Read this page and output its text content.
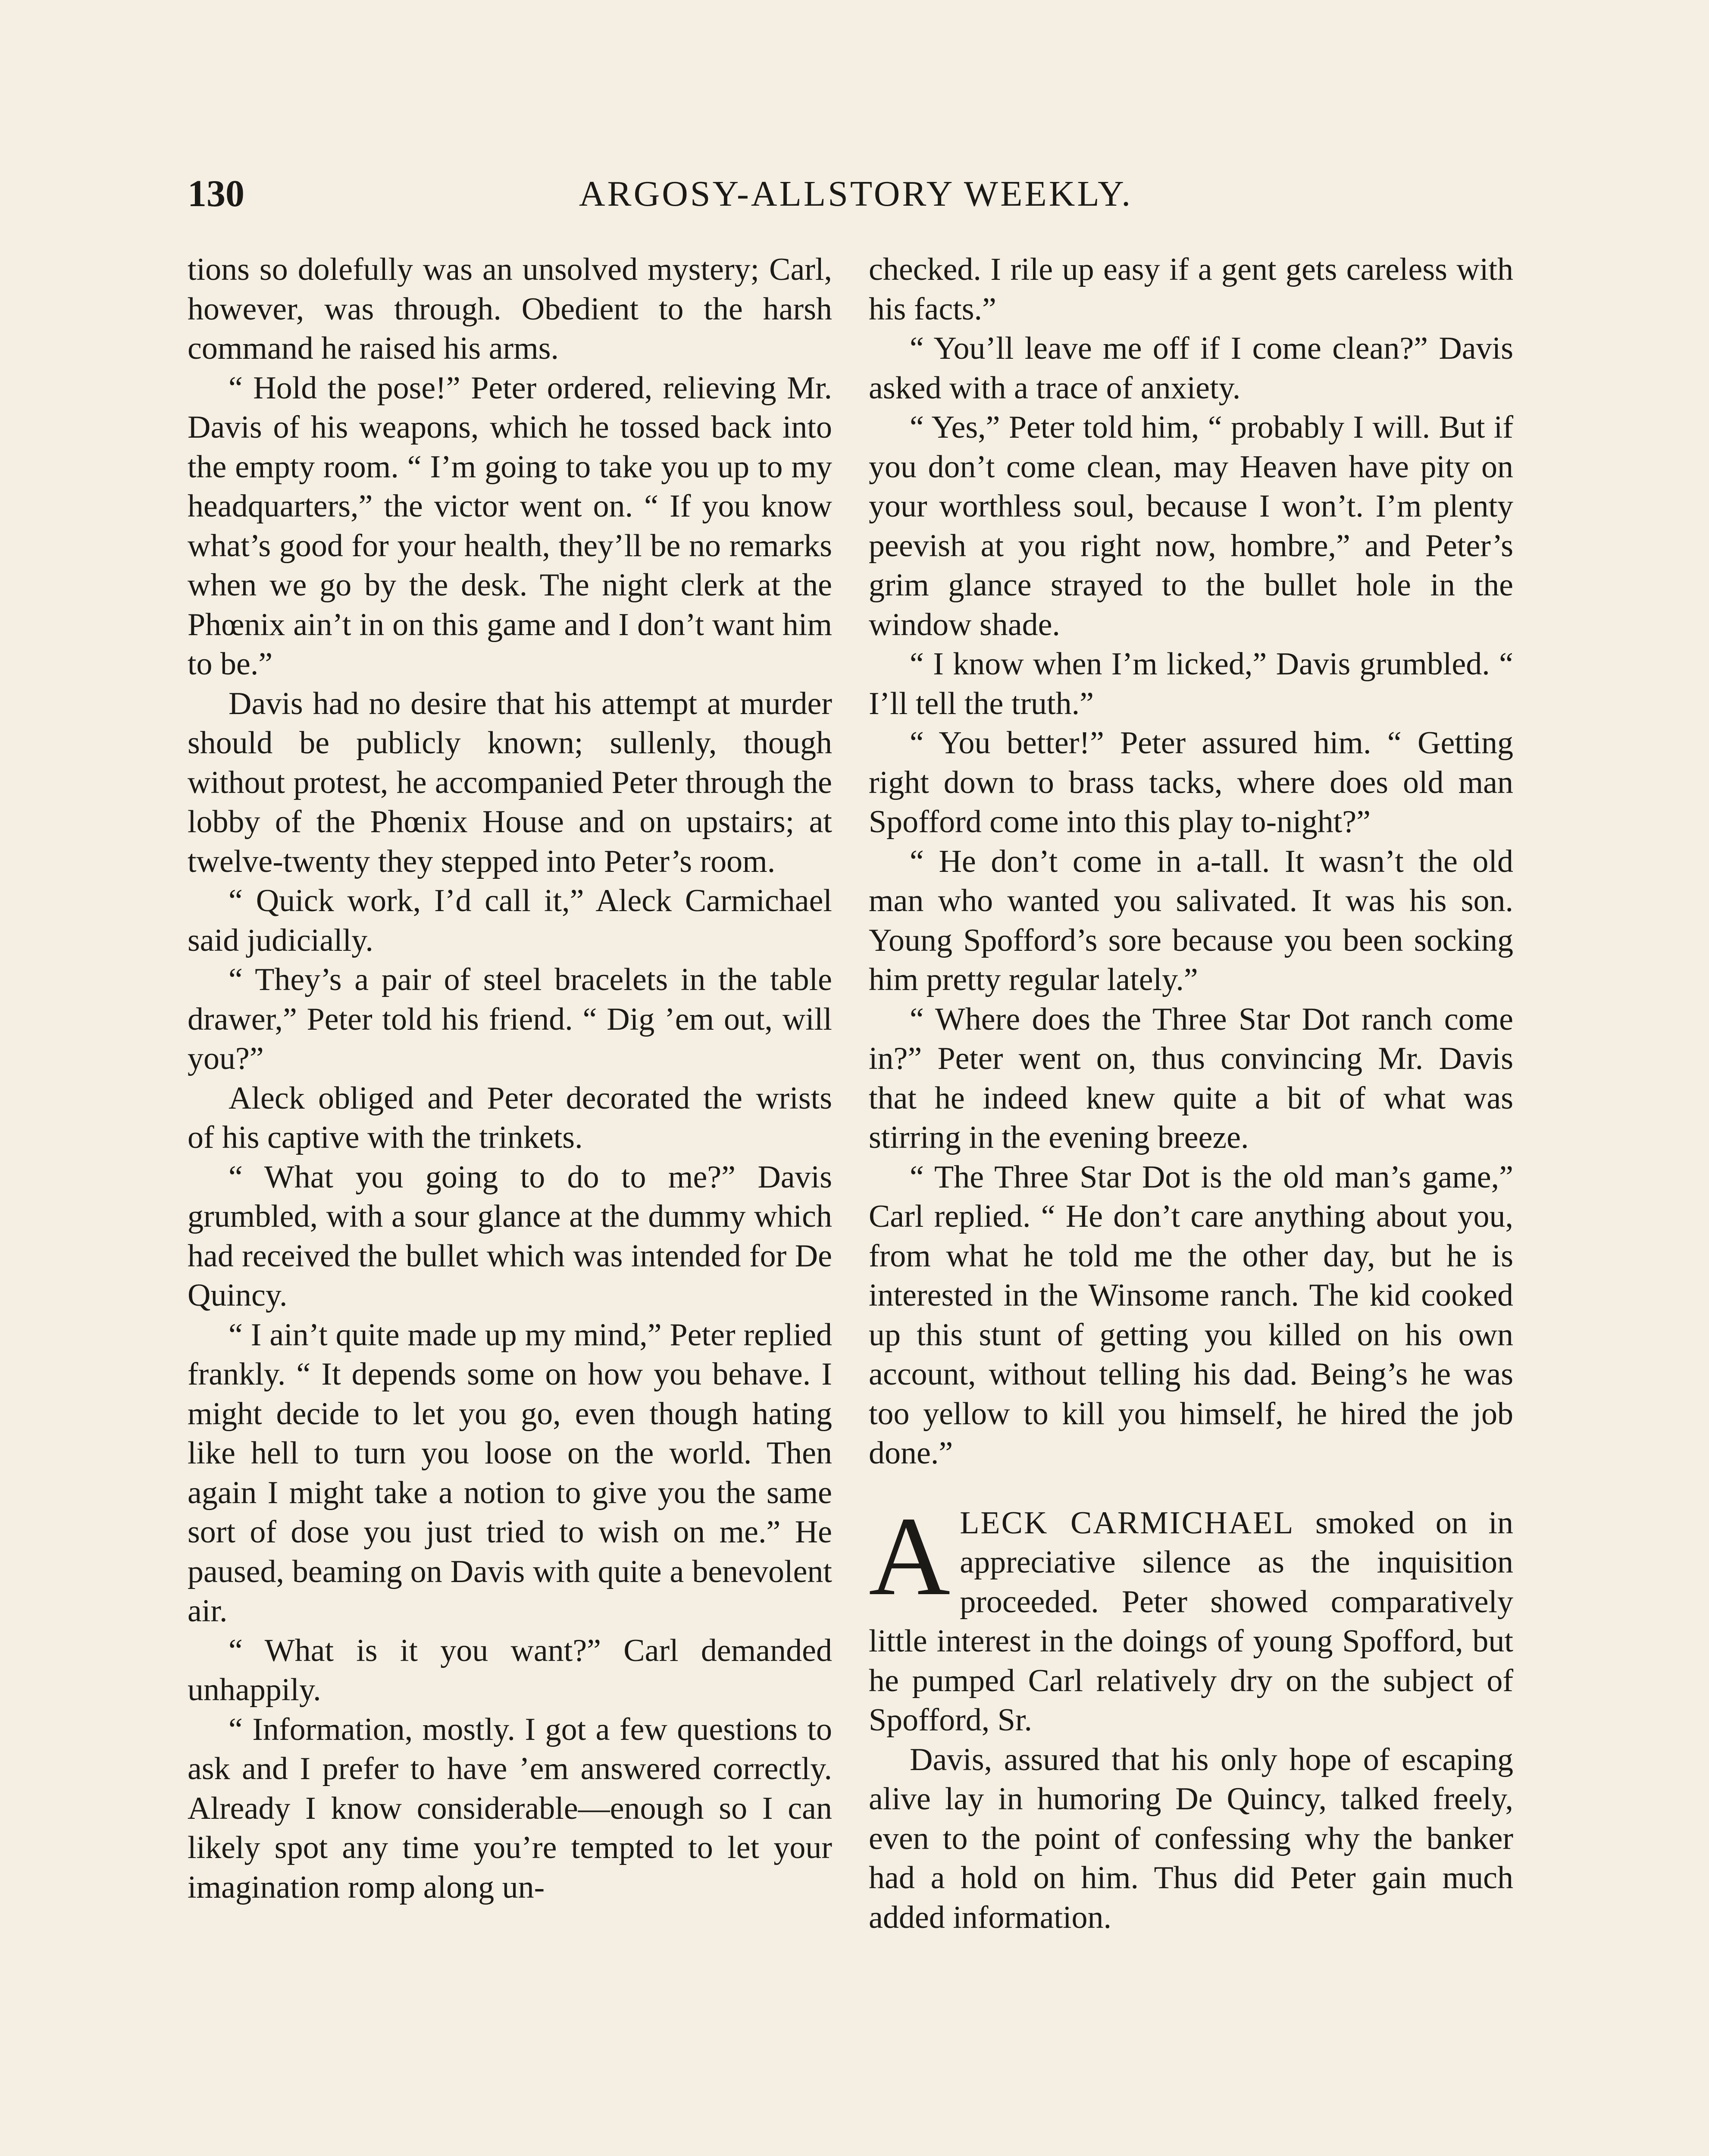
130	ARGOSY-ALLSTORY WEEKLY.

tions so dolefully was an unsolved mystery; Carl, however, was through. Obedient to the harsh command he raised his arms.

“ Hold the pose!” Peter ordered, relieving Mr. Davis of his weapons, which he tossed back into the empty room. “ I’m going to take you up to my headquarters,” the victor went on. “ If you know what’s good for your health, they’ll be no remarks when we go by the desk. The night clerk at the Phœnix ain’t in on this game and I don’t want him to be.”

Davis had no desire that his attempt at murder should be publicly known; sullenly, though without protest, he accompanied Peter through the lobby of the Phœnix House and on upstairs; at twelve-twenty they stepped into Peter’s room.

“ Quick work, I’d call it,” Aleck Carmichael said judicially.

“ They’s a pair of steel bracelets in the table drawer,” Peter told his friend. “ Dig ’em out, will you?”

Aleck obliged and Peter decorated the wrists of his captive with the trinkets.

“ What you going to do to me?” Davis grumbled, with a sour glance at the dummy which had received the bullet which was intended for De Quincy.

“ I ain’t quite made up my mind,” Peter replied frankly. “ It depends some on how you behave. I might decide to let you go, even though hating like hell to turn you loose on the world. Then again I might take a notion to give you the same sort of dose you just tried to wish on me.” He paused, beaming on Davis with quite a benevolent air.

“ What is it you want?” Carl demanded unhappily.

“ Information, mostly. I got a few questions to ask and I prefer to have ’em answered correctly. Already I know considerable—enough so I can likely spot any time you’re tempted to let your imagination romp along un-

checked. I rile up easy if a gent gets careless with his facts.”

“ You’ll leave me off if I come clean?” Davis asked with a trace of anxiety.

“ Yes,” Peter told him, “ probably I will. But if you don’t come clean, may Heaven have pity on your worthless soul, because I won’t. I’m plenty peevish at you right now, hombre,” and Peter’s grim glance strayed to the bullet hole in the window shade.

“ I know when I’m licked,” Davis grumbled. “ I’ll tell the truth.”

“ You better!” Peter assured him. “ Getting right down to brass tacks, where does old man Spofford come into this play to-night?”

“ He don’t come in a-tall. It wasn’t the old man who wanted you salivated. It was his son. Young Spofford’s sore because you been socking him pretty regular lately.”

“ Where does the Three Star Dot ranch come in?” Peter went on, thus convincing Mr. Davis that he indeed knew quite a bit of what was stirring in the evening breeze.

“ The Three Star Dot is the old man’s game,” Carl replied. “ He don’t care anything about you, from what he told me the other day, but he is interested in the Winsome ranch. The kid cooked up this stunt of getting you killed on his own account, without telling his dad. Being’s he was too yellow to kill you himself, he hired the job done.”

ALECK CARMICHAEL smoked on in appreciative silence as the inquisition proceeded. Peter showed comparatively little interest in the doings of young Spofford, but he pumped Carl relatively dry on the subject of Spofford, Sr.

Davis, assured that his only hope of escaping alive lay in humoring De Quincy, talked freely, even to the point of confessing why the banker had a hold on him. Thus did Peter gain much added information.
